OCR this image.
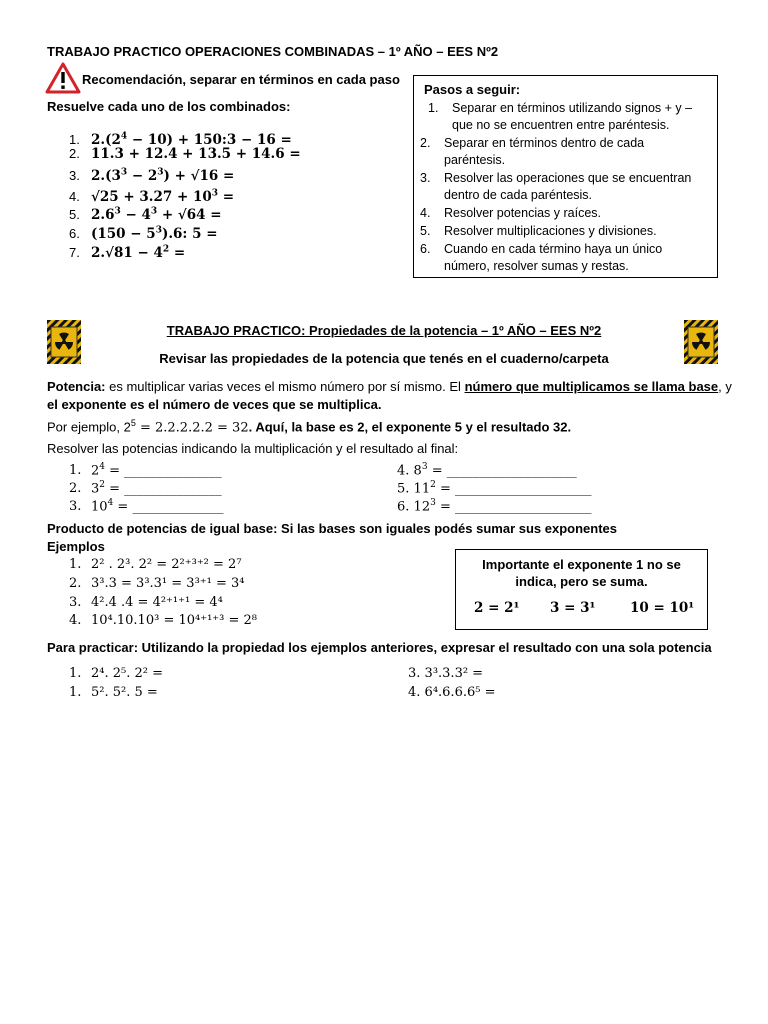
TRABAJO PRACTICO OPERACIONES COMBINADAS – 1º AÑO – EES Nº2
Recomendación, separar en términos en cada paso
Resuelve cada uno de los combinados:
1. $2.(2^4 - 10)$ + 150:3 − 16 =
2. 11.3 + 12.4 + 13.5 + 14.6 =
3. $2.(3^3 - 2^3) + √16$ =
4. $√25 + 3.27 + 10^3$ =
5. $2.6^3 - 4^3 + √64$ =
6. $(150 - 5^3).6$: 5 =
7. $2.√81 - 4^2$ =
Pasos a seguir:
1. Separar en términos utilizando signos + y –
que no se encuentren entre paréntesis.
2. Separar en términos dentro de cada
paréntesis.
3. Resolver las operaciones que se encuentran
dentro de cada paréntesis.
4. Resolver potencias y raíces.
5. Resolver multiplicaciones y divisiones.
6. Cuando en cada término haya un único
número, resolver sumas y restas.
TRABAJO PRACTICO: Propiedades de la potencia – 1º AÑO – EES Nº2
Revisar las propiedades de la potencia que tenés en el cuaderno/carpeta
Potencia: es multiplicar varias veces el mismo número por sí mismo. El número que multiplicamos se llama base, y
el exponente es el número de veces que se multiplica.
Por ejemplo, $2^5 = 2.2.2.2.2 = 32$. Aquí, la base es 2, el exponente 5 y el resultado 32.
Resolver las potencias indicando la multiplicación y el resultado al final:
1. $2^4$ = _______________
2. $3^2$ = _______________
3. $10^4$ = ______________
4. $8^3$ = ____________________
5. $11^2$ = _____________________
6. $12^3$ = _____________________
Producto de potencias de igual base: Si las bases son iguales podés sumar sus exponentes
Ejemplos
1. 2² . 2³. 2² = 2²⁺³⁺² = 2⁷
2. 3³.3 = 3³.3¹ = 3³⁺¹ = 3⁴
3. 4².4 .4 = 4²⁺¹⁺¹ = 4⁴
4. 10⁴.10.10³ = 10⁴⁺¹⁺³ = 2⁸
Importante el exponente 1 no se
indica, pero se suma.
2 = 2¹ 3 = 3¹	10 = 10¹
Para practicar: Utilizando la propiedad los ejemplos anteriores, expresar el resultado con una sola potencia
1. 2⁴. 2⁵. 2² =
1. 5². 5². 5 =
3. 3³.3.3² =
4. 6⁴.6.6.6⁵ =
